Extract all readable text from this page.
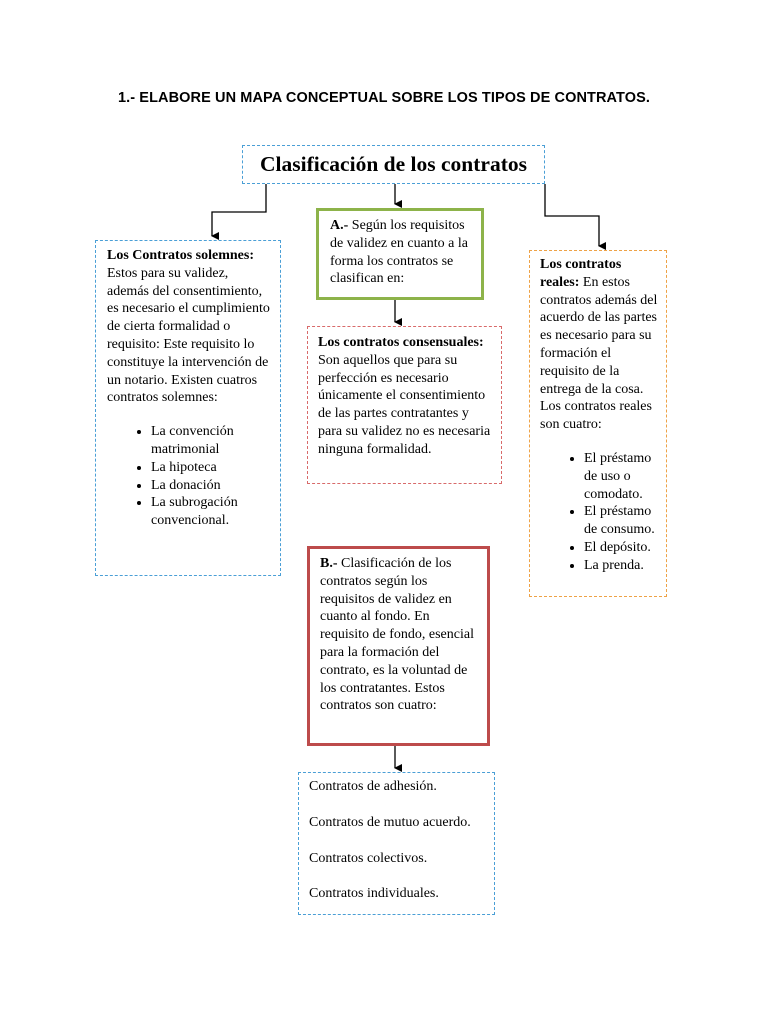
1.- ELABORE UN MAPA CONCEPTUAL SOBRE LOS TIPOS DE CONTRATOS.
Clasificación de los contratos
Los Contratos solemnes: Estos para su validez, además del consentimiento, es necesario el cumplimiento de cierta formalidad o requisito: Este requisito lo constituye la intervención de un notario. Existen cuatros contratos solemnes:
• La convención matrimonial
• La hipoteca
• La donación
• La subrogación convencional.
A.- Según los requisitos de validez en cuanto a la forma los contratos se clasifican en:
Los contratos consensuales: Son aquellos que para su perfección es necesario únicamente el consentimiento de las partes contratantes y para su validez no es necesaria ninguna formalidad.
Los contratos reales: En estos contratos además del acuerdo de las partes es necesario para su formación el requisito de la entrega de la cosa. Los contratos reales son cuatro:
• El préstamo de uso o comodato.
• El préstamo de consumo.
• El depósito.
• La prenda.
B.- Clasificación de los contratos según los requisitos de validez en cuanto al fondo. En requisito de fondo, esencial para la formación del contrato, es la voluntad de los contratantes. Estos contratos son cuatro:

Contratos de adhesión.

Contratos de mutuo acuerdo.

Contratos colectivos.

Contratos individuales.
